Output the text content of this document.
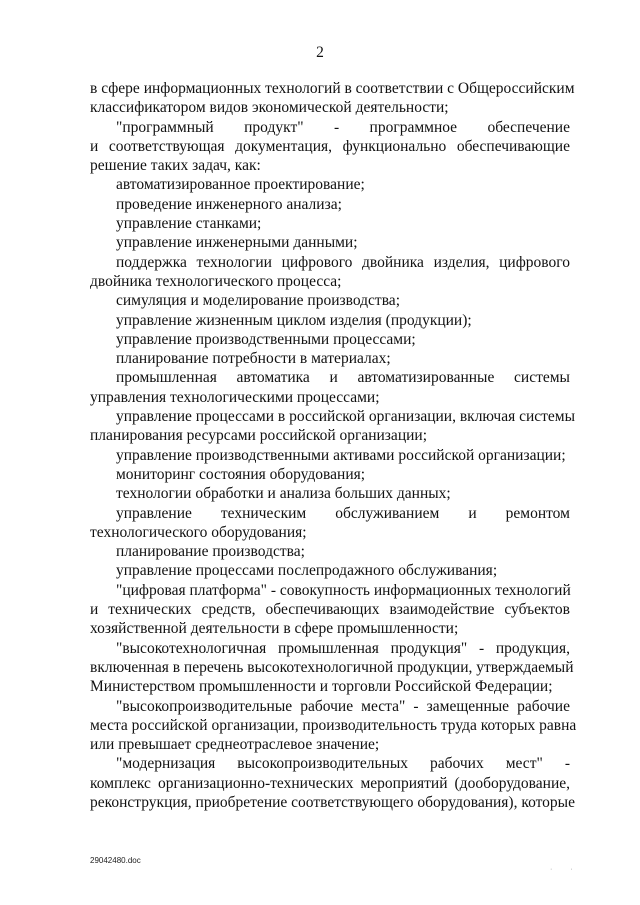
2
в сфере информационных технологий в соответствии с Общероссийским
классификатором видов экономической деятельности;
"программный продукт" - программное обеспечение
и соответствующая документация, функционально обеспечивающие
решение таких задач, как:
автоматизированное проектирование;
проведение инженерного анализа;
управление станками;
управление инженерными данными;
поддержка технологии цифрового двойника изделия, цифрового
двойника технологического процесса;
симуляция и моделирование производства;
управление жизненным циклом изделия (продукции);
управление производственными процессами;
планирование потребности в материалах;
промышленная автоматика и автоматизированные системы
управления технологическими процессами;
управление процессами в российской организации, включая системы
планирования ресурсами российской организации;
управление производственными активами российской организации;
мониторинг состояния оборудования;
технологии обработки и анализа больших данных;
управление техническим обслуживанием и ремонтом
технологического оборудования;
планирование производства;
управление процессами послепродажного обслуживания;
"цифровая платформа" - совокупность информационных технологий
и технических средств, обеспечивающих взаимодействие субъектов
хозяйственной деятельности в сфере промышленности;
"высокотехнологичная промышленная продукция" - продукция,
включенная в перечень высокотехнологичной продукции, утверждаемый
Министерством промышленности и торговли Российской Федерации;
"высокопроизводительные рабочие места" - замещенные рабочие
места российской организации, производительность труда которых равна
или превышает среднеотраслевое значение;
"модернизация высокопроизводительных рабочих мест" -
комплекс организационно-технических мероприятий (дооборудование,
реконструкция, приобретение соответствующего оборудования), которые
29042480.doc
· ·
